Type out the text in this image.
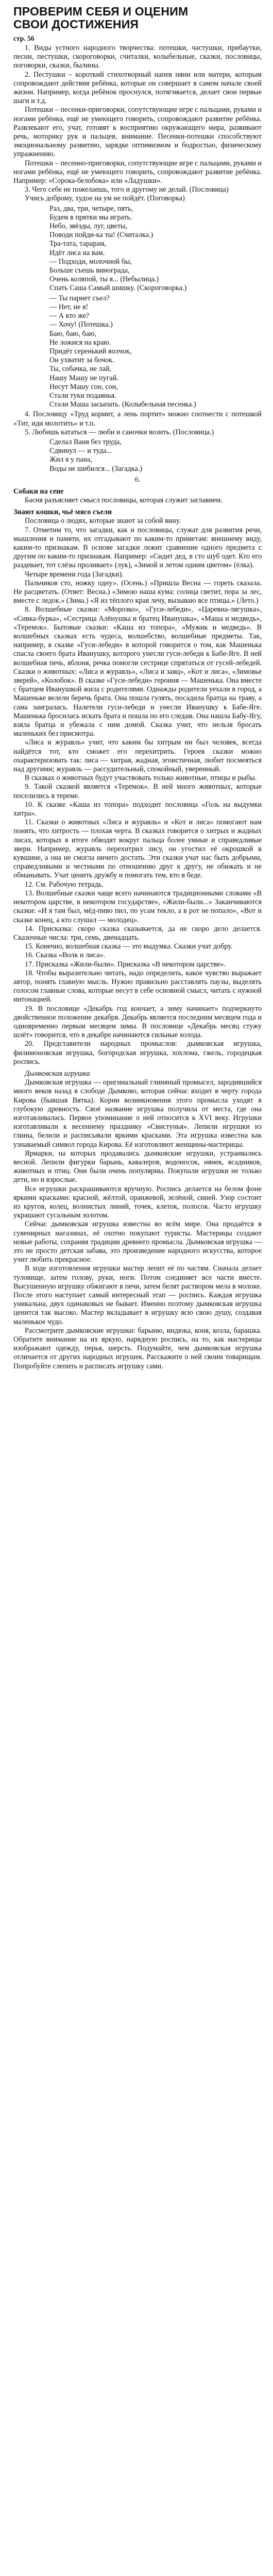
ПРОВЕРИМ СЕБЯ И ОЦЕНИМ
СВОИ ДОСТИЖЕНИЯ
стр. 56

1. Виды устного народного творчества: потешки, частушки, прибаутки, песни, пестушки, скороговорки, считалки, колыбельные, сказки, пословицы, поговорки, сказки, былины.

2. Пестушки – короткий стихотворный напев няни или матери, которым сопровождают действия ребёнка, которые он совершает в самом начале своей жизни. Например, когда ребёнок проснулся, потягивается, делает свои первые шаги и т.д.

Потешки – песенки-приговорки, сопутствующие игре с пальцами, руками и ногами ребёнка, ещё не умеющего говорить, сопровождают развитие ребёнка. Развлекают его, учат, готовят к восприятию окружающего мира, развивают речь, моторику рук и пальцев, внимание. Песенки-потешки способствуют эмоциональному развитию, зарядке оптимизмом и бодростью, физическому упражнению.

Потешки – песенно-приговорки, сопутствующие игре с пальцами, руками и ногами ребёнка, ещё не умеющего говорить, сопровождают развитие ребёнка. Например: «Сорока-белобока» или «Ладушки».

3. Чего себе не пожелаешь, того и другому не делай. (Пословица)

Учись доброму, худое на ум не пойдёт. (Поговорка)

Раз, два, три, четыре, пять,
Будем в прятки мы играть.
Небо, звёзды, луг, цветы,
Поводи пойди-ка ты! (Считалка.)
Тра-тата, тарарам,
Идёт лиса на вам.
— Подходи, молочной бы,
Больше съешь винограда,
Очень коляпой, ты я... (Небылица.)
Спать Саша Самый шишку. (Скороговорка.)
— Ты парнет съел?
— Нет, не я!
— А кто же?
— Хочу! (Потешка.)
Баю, баю, баю,
Не ложися на краю.
Придёт серенький волчок,
Он ухватит за бочок.
Ты, собачка, не лай,
Нашу Машу не пугай.
Несут Машу сон, сон,
Стали туки подаянья.
Стали Маша засыпать. (Колыбельная песенка.)

4. Пословицу «Труд кормит, а лень портит» можно соотнести с потешкой «Тит, иди молотить» и т.п.

5. Любишь кататься — люби и саночки возить. (Пословица.)

Сделал Ваня без труда,
Сдвинул — и туда...
Жил я у пана,
Воды не шибился... (Загадка.)
6.
Собаки на сене

Басня разъясняет смысл пословицы, которая служит заглавием.

Знают кошки, чьё мясо съели

Пословица о людях, которые знают за собой вину.

7. Отметим то, что загадки, как и пословицы, служат для развития речи, мышления и памяти, их отгадывают по каким-то приметам: внешнему виду, каким-то признакам. В основе загадки лежит сравнение одного предмета с другим по каким-то признакам. Например: «Сидит дед, в сто шуб одет. Кто его раздевает, тот слёзы проливает» (лук), «Зимой и летом одним цветом» (ёлка).

Четыре времени года (Загадки).

Пальчиков сто, ножку одну». (Осень.) «Пришла Весна — гореть сказала. Не расцветать. (Ответ: Весна.) «Зимою наша кума: солнца светит, пора за лес, вместе с ледок.» (Зима.) «Я из тёплого края лечу, вызываю все птицы.» (Лето.)

8. Волшебные сказки: «Морозко», «Гуси-лебеди», «Царевна-лягушка», «Сивка-бурка», «Сестрица Алёнушка и братец Иванушка», «Маша и медведь», «Теремок». Бытовые сказки: «Каша из топора», «Мужик и медведь». В волшебных сказках есть чудеса, волшебство, волшебные предметы. Так, например, в сказке «Гуси-лебеди» в которой говорится о том, как Машенька спасла своего брата Иванушку, которого унесли гуси-лебеди к Бабе-Яге. В ней волшебная печь, яблоня, речка помогли сестрице спрятаться от гусей-лебедей. Сказки о животных: «Лиса и журавль», «Лиса и заяц», «Кот и лиса», «Зимовье зверей», «Колобок». В сказке «Гуси-лебеди» героиня — Машенька. Она вместе с братцем Иванушкой жила с родителями. Однажды родители уехали в город, а Машеньке велели беречь брата. Она пошла гулять, посадила братца на траву, а сама заигралась. Налетели гуси-лебеди и унесли Иванушку к Бабе-Яге. Машенька бросилась искать брата и пошла по его следам. Она нашла Бабу-Ягу, взяла братца и убежала с ним домой. Сказка учит, что нельзя бросать маленьких без присмотра.

«Лиса и журавль» учит, что каким бы хитрым ни был человек, всегда найдётся тот, кто сможет его перехитрить. Героев сказки можно охарактеризовать так: лиса — хитрая, жадная, эгоистичная, любит посмеяться над другими; журавль — рассудительный, спокойный, уверенный.

В сказках о животных будут участвовать только животные, птицы и рыбы.

9. Такой сказкой является «Теремок». В ней много животных, которые поселились в тереме.

10. К сказке «Каша из топора» подходит пословица «Голь на выдумки хитра».

11. Сказки о животных «Лиса и журавль» и «Кот и лиса» помогают нам понять, что хитрость — плохая черта. В сказках говорится о хитрых и жадных лисах, которых в итоге обводят вокруг пальца более умные и справедливые звери. Например, журавль перехитрил лису, он угостил её окрошкой в кувшине, а она не смогла ничего достать. Эти сказки учат нас быть добрыми, справедливыми и честными по отношению друг к другу, не обижать и не обманывать. Учат ценить дружбу и помогать тем, кто в беде.

12. См. Рабочую тетрадь.

13. Волшебные сказки чаще всего начинаются традиционными словами «В некотором царстве, в некотором государстве», «Жили-были...» Заканчиваются сказки: «И я там был, мёд-пиво пил, по усам текло, а в рот не попало», «Вот и сказке конец, а кто слушал — молодец».

14. Присказка: скоро сказка сказывается, да не скоро дело делается. Сказочные числа: три, семь, двенадцать.

15. Конечно, волшебная сказка — это выдумка. Сказки учат добру.

16. Сказка «Волк и лиса».

17. Присказка «Жили-были». Присказка «В некотором царстве».

18. Чтобы выразительно читать, надо определить, какое чувство выражает автор, понять главную мысль. Нужно правильно расставлять паузы, выделять голосом главные слова, которые несут в себе основной смысл, читать с нужной интонацией.

19. В пословице «Декабрь год кончает, а зиму начинает» подчеркнуто двойственное положение декабря. Декабрь является последним месяцем года и одновременно первым месяцем зимы. В пословице «Декабрь месяц стужу шлёт» говорится, что в декабре начинаются сильные холода.

20. Представители народных промыслов: дымковская игрушка, филимоновская игрушка, богородская игрушка, хохлома, гжель, городецкая роспись.

Дымковская игрушка

Дымковская игрушка — оригинальный глиняный промысел, зародившийся много веков назад в слободе Дымково, которая сейчас входит в черту города Кирова (бывшая Вятка). Корни возникновения этого промысла уходят в глубокую древность. Своё название игрушка получила от места, где она изготавливалась. Первое упоминание о ней относится к XVI веку. Игрушки изготавливали к весеннему празднику «Свистунья». Лепили игрушки из глины, белили и расписывали яркими красками. Эта игрушка известна как узнаваемый символ города Кирова. Её изготовляют женщины-мастерицы.

Ярмарки, на которых продавались дымковские игрушки, устраивались весной. Лепили фигурки барынь, кавалеров, водоносок, нянек, всадников, животных и птиц. Они были очень популярны. Покупали игрушки не только дети, но и взрослые.

Все игрушки раскрашиваются вручную. Роспись делается на белом фоне яркими красками: красной, жёлтой, оранжевой, зелёной, синей. Узор состоит из кругов, колец, волнистых линий, точек, клеток, полосок. Часто игрушку украшают сусальным золотом.

Сейчас дымковская игрушка известна во всём мире. Она продаётся в сувенирных магазинах, её охотно покупают туристы. Мастерицы создают новые работы, сохраняя традиции древнего промысла. Дымковская игрушка — это не просто детская забава, это произведение народного искусства, которое учит любить прекрасное.

В ходе изготовления игрушки мастер лепит её по частям. Сначала делает туловище, затем голову, руки, ноги. Потом соединяет все части вместе. Высушенную игрушку обжигают в печи, затем белят раствором мела в молоке. После этого наступает самый интересный этап — роспись. Каждая игрушка уникальна, двух одинаковых не бывает. Именно поэтому дымковская игрушка ценится так высоко. Мастер вкладывает в игрушку всю свою душу, создавая маленькое чудо.

Рассмотрите дымковские игрушки: барыню, индюка, коня, козла, барашка. Обратите внимание на их яркую, нарядную роспись, на то, как мастерицы изображают одежду, перья, шерсть. Подумайте, чем дымковская игрушка отличается от других народных игрушек. Расскажите о ней своим товарищам. Попробуйте слепить и расписать игрушку сами.
